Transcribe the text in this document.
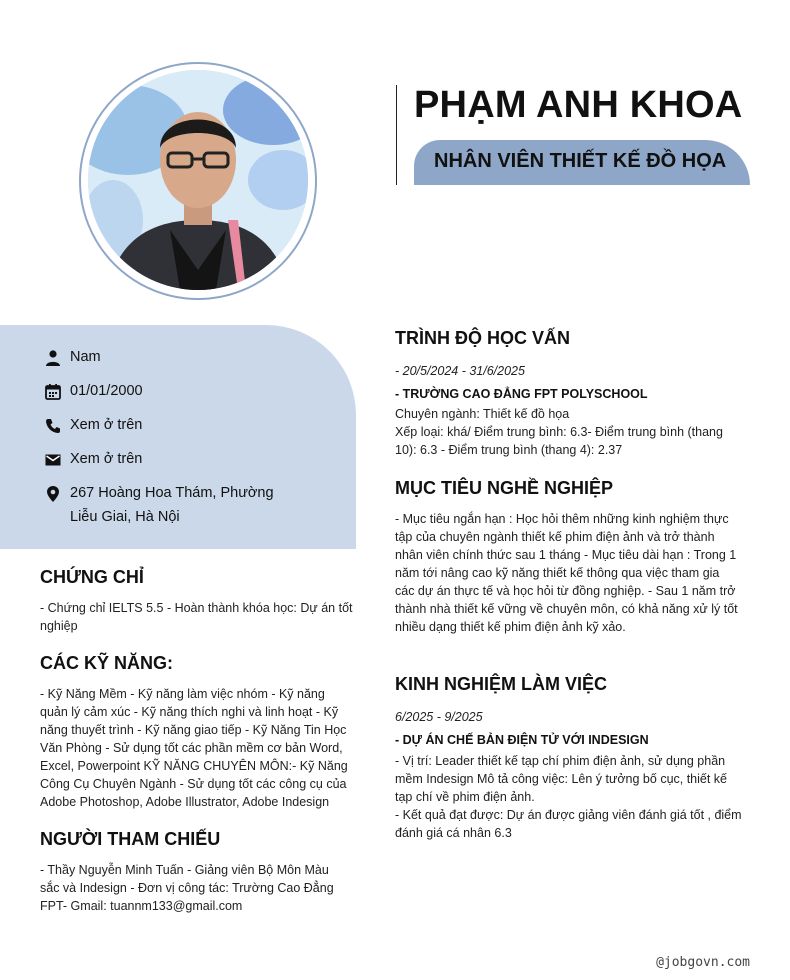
PHẠM ANH KHOA
NHÂN VIÊN THIẾT KẾ ĐỒ HỌA
Nam
01/01/2000
Xem ở trên
Xem ở trên
267 Hoàng Hoa Thám, Phường
Liễu Giai, Hà Nội
CHỨNG CHỈ
- Chứng chỉ IELTS 5.5 - Hoàn thành khóa học: Dự án tốt
nghiệp
CÁC KỸ NĂNG:
- Kỹ Năng Mềm - Kỹ năng làm việc nhóm - Kỹ năng
quản lý cảm xúc - Kỹ năng thích nghi và linh hoạt - Kỹ
năng thuyết trình - Kỹ năng giao tiếp - Kỹ Năng Tin Học
Văn Phòng - Sử dụng tốt các phần mềm cơ bản Word,
Excel, Powerpoint KỸ NĂNG CHUYÊN MÔN:- Kỹ Năng
Công Cụ Chuyên Ngành - Sử dụng tốt các công cụ của
Adobe Photoshop, Adobe Illustrator, Adobe Indesign
NGƯỜI THAM CHIẾU
- Thầy Nguyễn Minh Tuấn - Giảng viên Bộ Môn Màu
sắc và Indesign - Đơn vị công tác: Trường Cao Đẳng
FPT- Gmail: tuannm133@gmail.com
TRÌNH ĐỘ HỌC VẤN
- 20/5/2024 - 31/6/2025
- TRƯỜNG CAO ĐẲNG FPT POLYSCHOOL
Chuyên ngành: Thiết kế đồ họa
Xếp loại: khá/ Điểm trung bình: 6.3- Điểm trung bình (thang
10): 6.3 - Điểm trung bình (thang 4): 2.37
MỤC TIÊU NGHỀ NGHIỆP
- Mục tiêu ngắn hạn : Học hỏi thêm những kinh nghiệm thực
tập của chuyên ngành thiết kế phim điện ảnh và trở thành
nhân viên chính thức sau 1 tháng - Mục tiêu dài hạn : Trong 1
năm tới nâng cao kỹ năng thiết kế thông qua việc tham gia
các dự án thực tế và học hỏi từ đồng nghiệp. - Sau 1 năm trở
thành nhà thiết kế vững về chuyên môn, có khả năng xử lý tốt
nhiều dạng thiết kế phim điện ảnh kỹ xảo.
KINH NGHIỆM LÀM VIỆC
6/2025 - 9/2025
- DỰ ÁN CHẾ BẢN ĐIỆN TỬ VỚI INDESIGN
- Vị trí: Leader thiết kế tạp chí phim điện ảnh, sử dụng phần
mềm Indesign Mô tả công việc: Lên ý tưởng bố cục, thiết kế
tạp chí về phim điện ảnh.
- Kết quả đạt được: Dự án được giảng viên đánh giá tốt , điểm
đánh giá cá nhân 6.3
@jobgovn.com
